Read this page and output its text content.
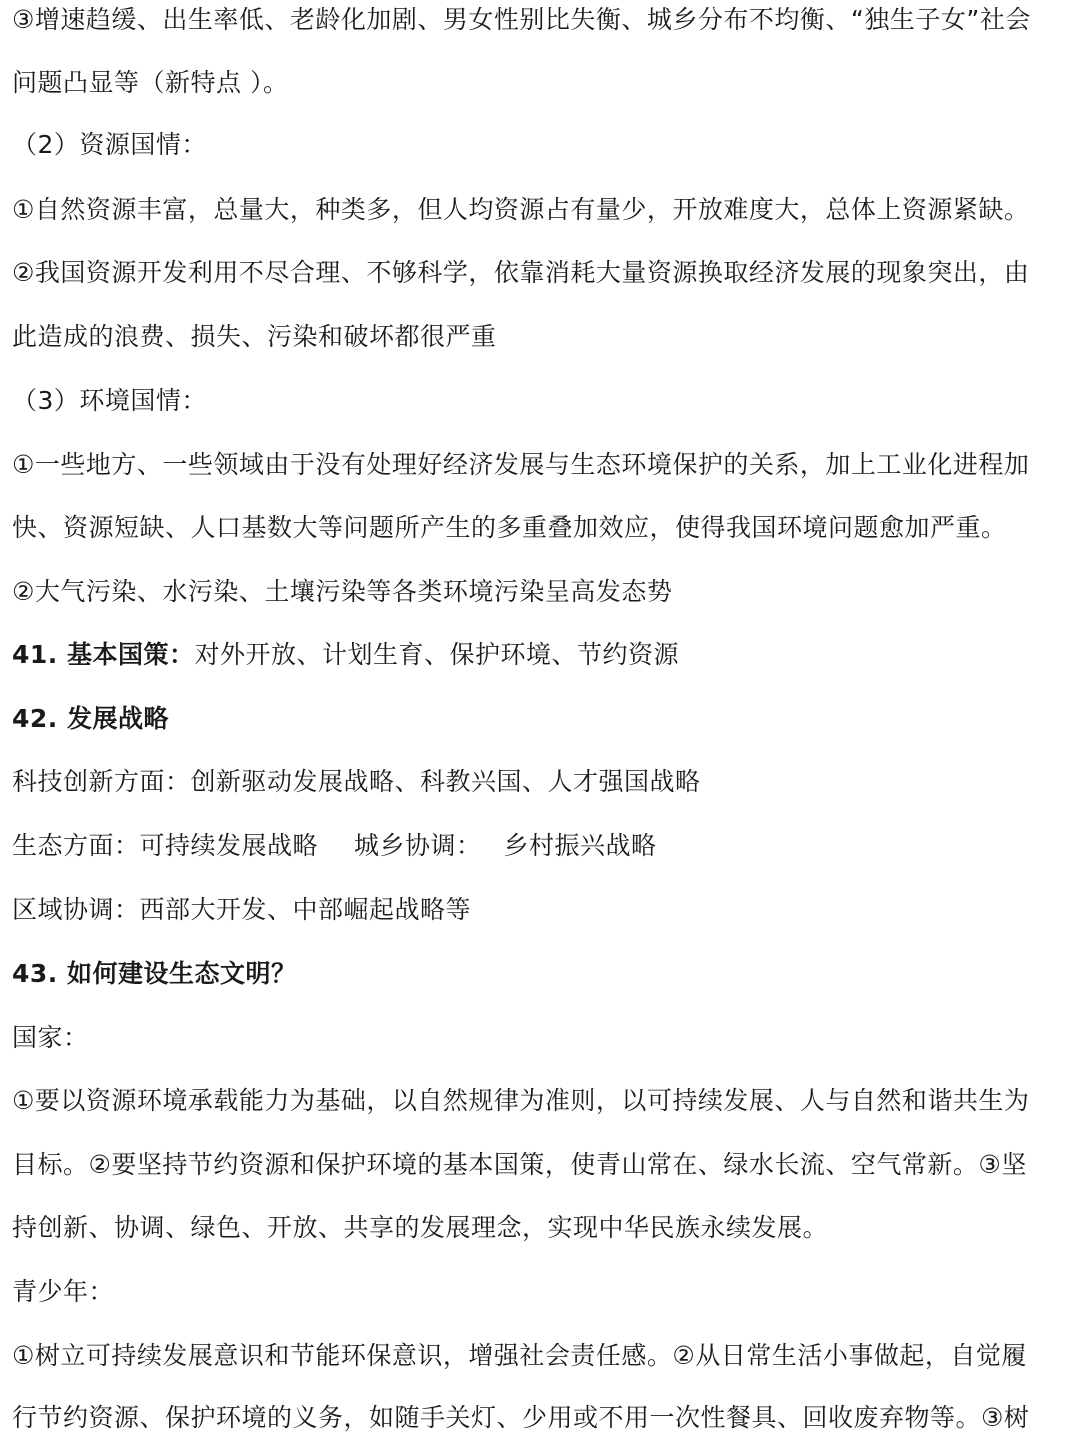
③增速趋缓、出生率低、老龄化加剧、男女性别比失衡、城乡分布不均衡、“独生子女”社会
问题凸显等（新特点 ）。
（2）资源国情：
①自然资源丰富，总量大，种类多，但人均资源占有量少，开放难度大，总体上资源紧缺。
②我国资源开发利用不尽合理、不够科学，依靠消耗大量资源换取经济发展的现象突出，由
此造成的浪费、损失、污染和破坏都很严重
（3）环境国情：
①一些地方、一些领域由于没有处理好经济发展与生态环境保护的关系，加上工业化进程加
快、资源短缺、人口基数大等问题所产生的多重叠加效应，使得我国环境问题愈加严重。
②大气污染、水污染、土壤污染等各类环境污染呈高发态势
41. 基本国策：对外开放、计划生育、保护环境、节约资源
42. 发展战略
科技创新方面：创新驱动发展战略、科教兴国、人才强国战略
生态方面：可持续发展战略 城乡协调： 乡村振兴战略
区域协调：西部大开发、中部崛起战略等
43. 如何建设生态文明？
国家：
①要以资源环境承载能力为基础，以自然规律为准则，以可持续发展、人与自然和谐共生为
目标。②要坚持节约资源和保护环境的基本国策，使青山常在、绿水长流、空气常新。③坚
持创新、协调、绿色、开放、共享的发展理念，实现中华民族永续发展。
青少年：
①树立可持续发展意识和节能环保意识，增强社会责任感。②从日常生活小事做起，自觉履
行节约资源、保护环境的义务，如随手关灯、少用或不用一次性餐具、回收废弃物等。③树
